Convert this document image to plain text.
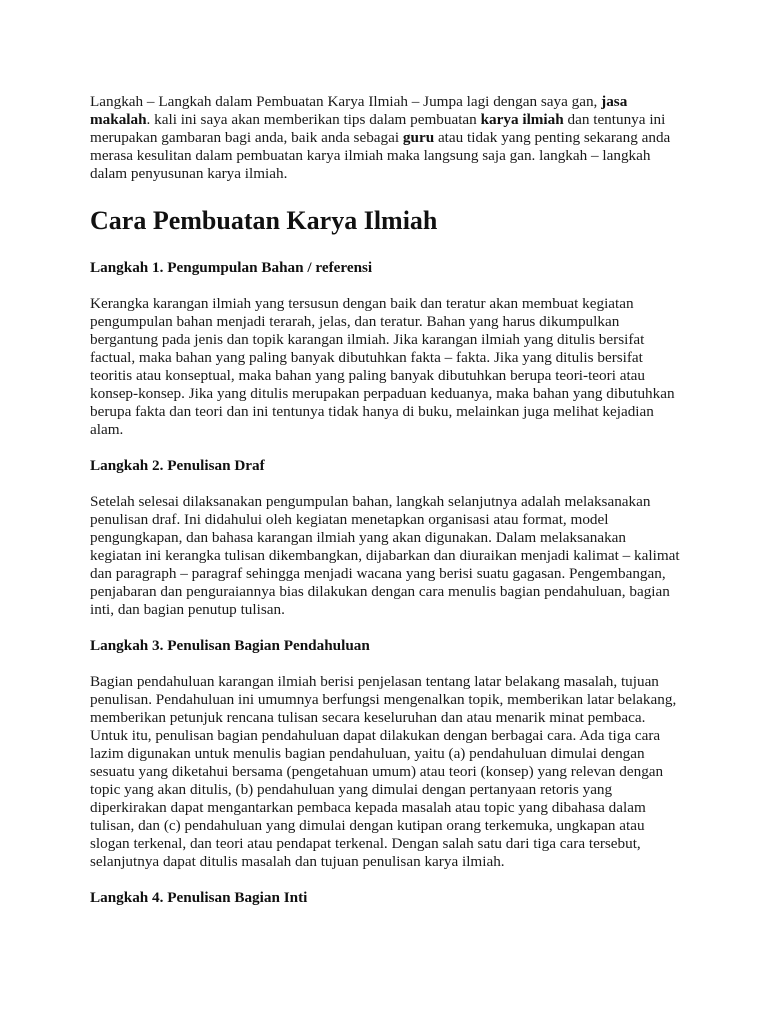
Langkah – Langkah dalam Pembuatan Karya Ilmiah – Jumpa lagi dengan saya gan, jasa makalah. kali ini saya akan memberikan tips dalam pembuatan karya ilmiah dan tentunya ini merupakan gambaran bagi anda, baik anda sebagai guru atau tidak yang penting sekarang anda merasa kesulitan dalam pembuatan karya ilmiah maka langsung saja gan. langkah – langkah dalam penyusunan karya ilmiah.

Cara Pembuatan Karya Ilmiah
Langkah 1. Pengumpulan Bahan / referensi

Kerangka karangan ilmiah yang tersusun dengan baik dan teratur akan membuat kegiatan pengumpulan bahan menjadi terarah, jelas, dan teratur. Bahan yang harus dikumpulkan bergantung pada jenis dan topik karangan ilmiah. Jika karangan ilmiah yang ditulis bersifat factual, maka bahan yang paling banyak dibutuhkan fakta – fakta. Jika yang ditulis bersifat teoritis atau konseptual, maka bahan yang paling banyak dibutuhkan berupa teori-teori atau konsep-konsep. Jika yang ditulis merupakan perpaduan keduanya, maka bahan yang dibutuhkan berupa fakta dan teori dan ini tentunya tidak hanya di buku, melainkan juga melihat kejadian alam.

Langkah 2. Penulisan Draf

Setelah selesai dilaksanakan pengumpulan bahan, langkah selanjutnya adalah melaksanakan penulisan draf. Ini didahului oleh kegiatan menetapkan organisasi atau format, model pengungkapan, dan bahasa karangan ilmiah yang akan digunakan. Dalam melaksanakan kegiatan ini kerangka tulisan dikembangkan, dijabarkan dan diuraikan menjadi kalimat – kalimat dan paragraph – paragraf sehingga menjadi wacana yang berisi suatu gagasan. Pengembangan, penjabaran dan penguraiannya bias dilakukan dengan cara menulis bagian pendahuluan, bagian inti, dan bagian penutup tulisan.

Langkah 3. Penulisan Bagian Pendahuluan

Bagian pendahuluan karangan ilmiah berisi penjelasan tentang latar belakang masalah, tujuan penulisan. Pendahuluan ini umumnya berfungsi mengenalkan topik, memberikan latar belakang, memberikan petunjuk rencana tulisan secara keseluruhan dan atau menarik minat pembaca. Untuk itu, penulisan bagian pendahuluan dapat dilakukan dengan berbagai cara. Ada tiga cara lazim digunakan untuk menulis bagian pendahuluan, yaitu (a) pendahuluan dimulai dengan sesuatu yang diketahui bersama (pengetahuan umum) atau teori (konsep) yang relevan dengan topic yang akan ditulis, (b) pendahuluan yang dimulai dengan pertanyaan retoris yang diperkirakan dapat mengantarkan pembaca kepada masalah atau topic yang dibahasa dalam tulisan, dan (c) pendahuluan yang dimulai dengan kutipan orang terkemuka, ungkapan atau slogan terkenal, dan teori atau pendapat terkenal. Dengan salah satu dari tiga cara tersebut, selanjutnya dapat ditulis masalah dan tujuan penulisan karya ilmiah.

Langkah 4. Penulisan Bagian Inti
